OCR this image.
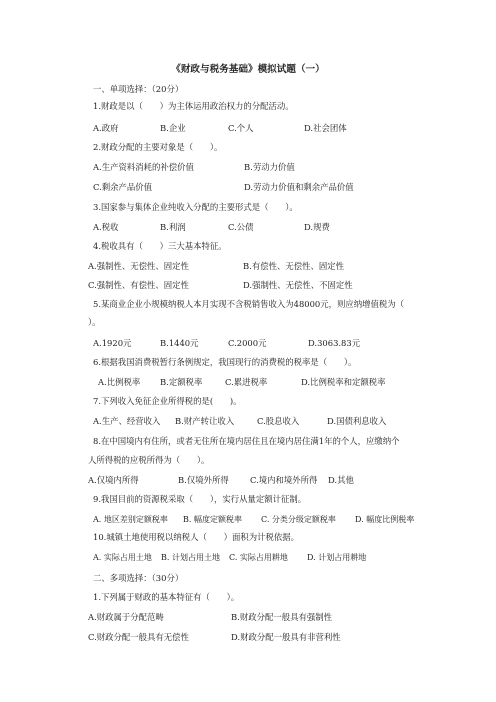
《财政与税务基础》模拟试题（一）
一、单项选择：（20分）
1.财政是以（　　）为主体运用政治权力的分配活动。
A.政府	B.企业	C.个人	D.社会团体
2.财政分配的主要对象是（　　）。
A.生产资料消耗的补偿价值	B.劳动力价值
C.剩余产品价值	D.劳动力价值和剩余产品价值
3.国家参与集体企业纯收入分配的主要形式是（　　）。
A.税收	B.利润	C.公债	D.规费
4.税收具有（　　）三大基本特征。
A.强制性、无偿性、固定性	B.有偿性、无偿性、固定性
C.强制性、有偿性、固定性	D.强制性、无偿性、不固定性
5.某商业企业小规模纳税人本月实现不含税销售收入为48000元，则应纳增值税为（
）。
A.1920元	B.1440元	C.2000元	D.3063.83元
6.根据我国消费税暂行条例规定，我国现行的消费税的税率是（　　）。
A.比例税率 B.定额税率	C.累进税率	D.比例税率和定额税率
7.下列收入免征企业所得税的是(　　)。
A.生产、经营收入 B.财产转让收入	C.股息收入	D.国债利息收入
8.在中国境内有住所，或者无住所在境内居住且在境内居住满1年的个人，应缴纳个
人所得税的应税所得为（　　）。
A.仅境内所得	B.仅境外所得	C.境内和境外所得 D.其他
9.我国目前的资源税采取（　　），实行从量定额计征制。
A. 地区差别定额税率 B. 幅度定额税率 C. 分类分级定额税率 D. 幅度比例税率
10.城镇土地使用税以纳税人（　　）面积为计税依据。
A. 实际占用土地 B. 计划占用土地 C. 实际占用耕地 D. 计划占用耕地
二、多项选择：（30分）
1.下列属于财政的基本特征有（　　）。
A.财政属于分配范畴	B.财政分配一般具有强制性
C.财政分配一般具有无偿性	D.财政分配一般具有非营利性
